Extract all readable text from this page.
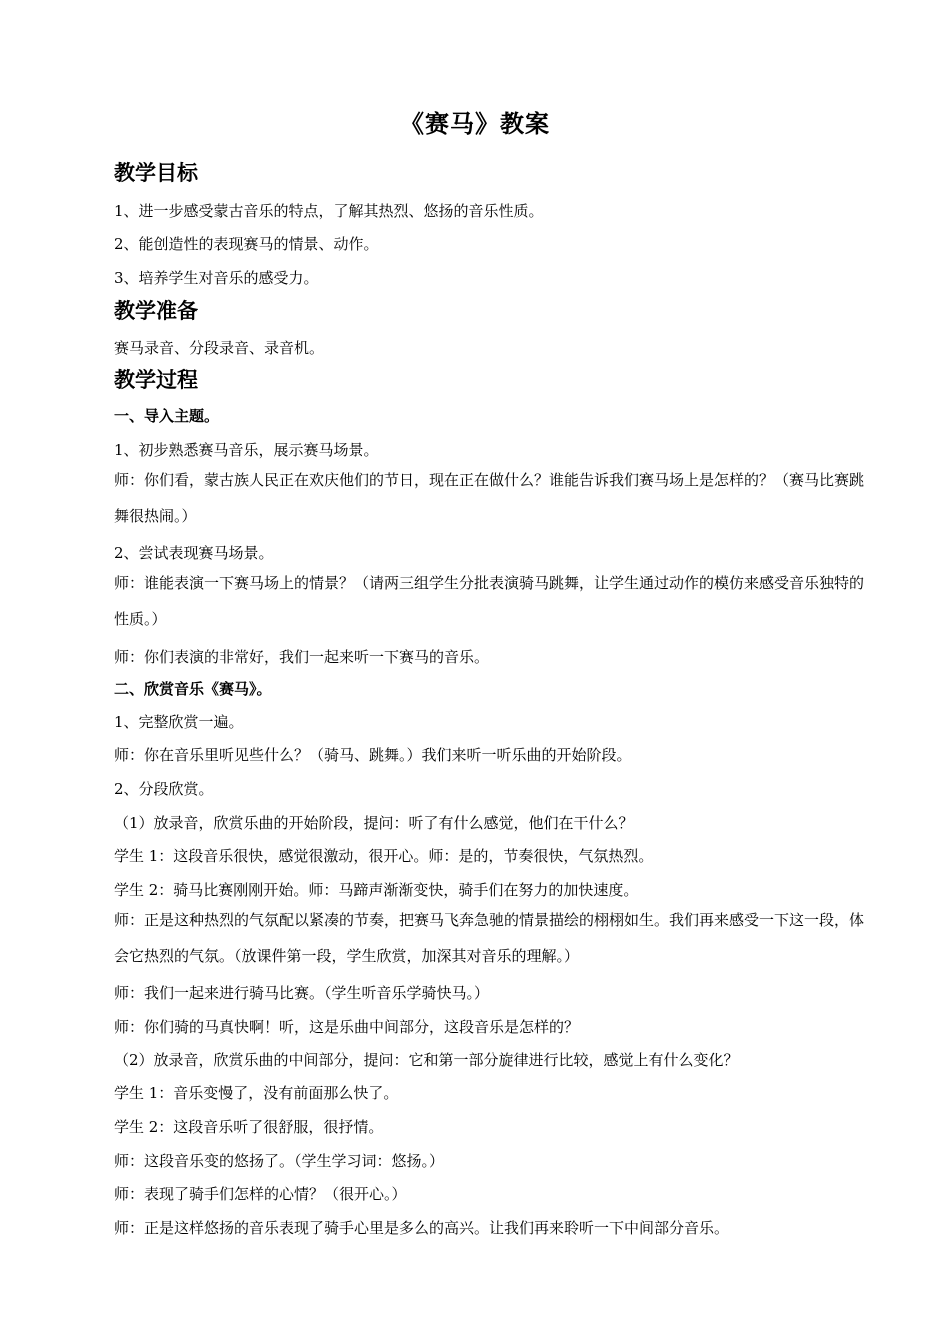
《赛马》教案
教学目标
1、进一步感受蒙古音乐的特点，了解其热烈、悠扬的音乐性质。
2、能创造性的表现赛马的情景、动作。
3、培养学生对音乐的感受力。
教学准备
赛马录音、分段录音、录音机。
教学过程
一、导入主题。
1、初步熟悉赛马音乐，展示赛马场景。
师：你们看，蒙古族人民正在欢庆他们的节日，现在正在做什么？谁能告诉我们赛马场上是怎样的？（赛马比赛跳舞很热闹。）
2、尝试表现赛马场景。
师：谁能表演一下赛马场上的情景？（请两三组学生分批表演骑马跳舞，让学生通过动作的模仿来感受音乐独特的性质。）
师：你们表演的非常好，我们一起来听一下赛马的音乐。
二、欣赏音乐《赛马》。
1、完整欣赏一遍。
师：你在音乐里听见些什么？（骑马、跳舞。）我们来听一听乐曲的开始阶段。
2、分段欣赏。
（1）放录音，欣赏乐曲的开始阶段，提问：听了有什么感觉，他们在干什么？
学生 1：这段音乐很快，感觉很激动，很开心。师：是的，节奏很快，气氛热烈。
学生 2：骑马比赛刚刚开始。师：马蹄声渐渐变快，骑手们在努力的加快速度。
师：正是这种热烈的气氛配以紧凑的节奏，把赛马飞奔急驰的情景描绘的栩栩如生。我们再来感受一下这一段，体会它热烈的气氛。（放课件第一段，学生欣赏，加深其对音乐的理解。）
师：我们一起来进行骑马比赛。（学生听音乐学骑快马。）
师：你们骑的马真快啊！听，这是乐曲中间部分，这段音乐是怎样的？
（2）放录音，欣赏乐曲的中间部分，提问：它和第一部分旋律进行比较，感觉上有什么变化？
学生 1：音乐变慢了，没有前面那么快了。
学生 2：这段音乐听了很舒服，很抒情。
师：这段音乐变的悠扬了。（学生学习词：悠扬。）
师：表现了骑手们怎样的心情？（很开心。）
师：正是这样悠扬的音乐表现了骑手心里是多么的高兴。让我们再来聆听一下中间部分音乐。
